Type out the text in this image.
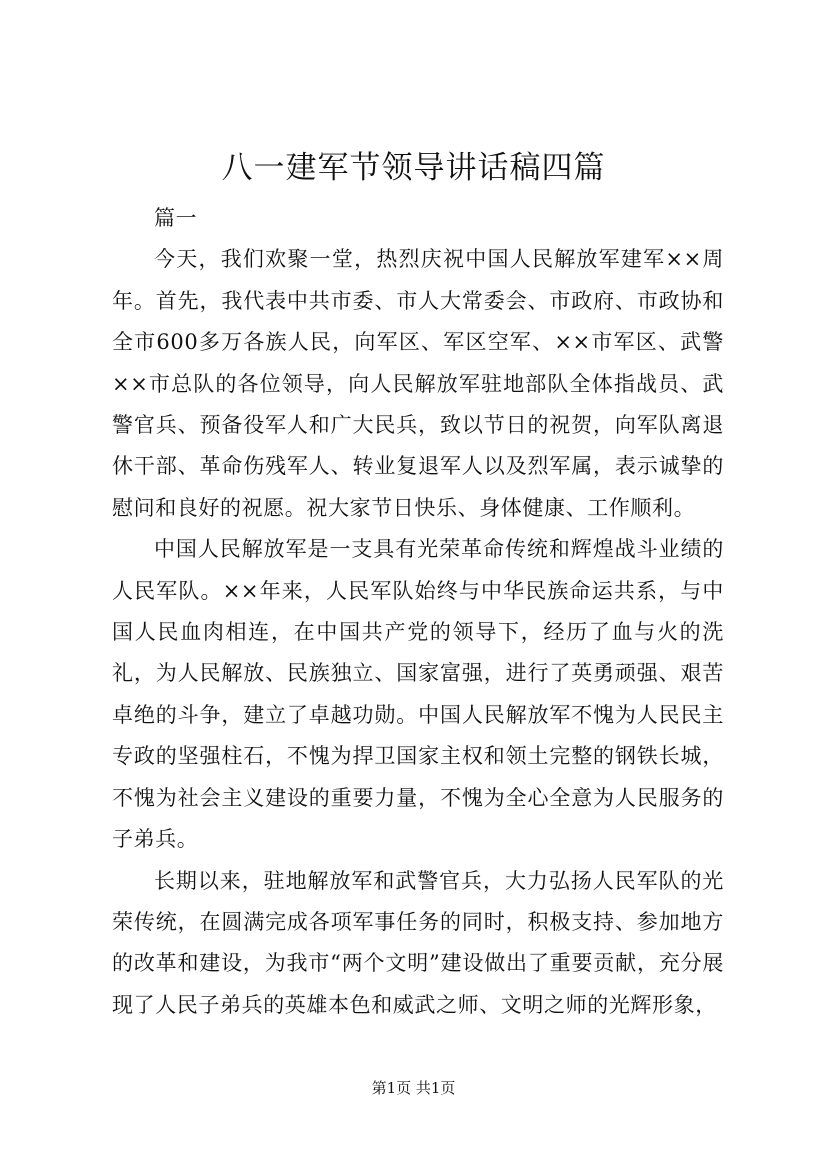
八一建军节领导讲话稿四篇

篇一

今天，我们欢聚一堂，热烈庆祝中国人民解放军建军××周年。首先，我代表中共市委、市人大常委会、市政府、市政协和全市600多万各族人民，向军区、军区空军、××市军区、武警××市总队的各位领导，向人民解放军驻地部队全体指战员、武警官兵、预备役军人和广大民兵，致以节日的祝贺，向军队离退休干部、革命伤残军人、转业复退军人以及烈军属，表示诚挚的慰问和良好的祝愿。祝大家节日快乐、身体健康、工作顺利。

中国人民解放军是一支具有光荣革命传统和辉煌战斗业绩的人民军队。××年来，人民军队始终与中华民族命运共系，与中国人民血肉相连，在中国共产党的领导下，经历了血与火的洗礼，为人民解放、民族独立、国家富强，进行了英勇顽强、艰苦卓绝的斗争，建立了卓越功勋。中国人民解放军不愧为人民民主专政的坚强柱石，不愧为捍卫国家主权和领土完整的钢铁长城，不愧为社会主义建设的重要力量，不愧为全心全意为人民服务的子弟兵。

长期以来，驻地解放军和武警官兵，大力弘扬人民军队的光荣传统，在圆满完成各项军事任务的同时，积极支持、参加地方的改革和建设，为我市“两个文明”建设做出了重要贡献，充分展现了人民子弟兵的英雄本色和威武之师、文明之师的光辉形象，

第1页 共1页
